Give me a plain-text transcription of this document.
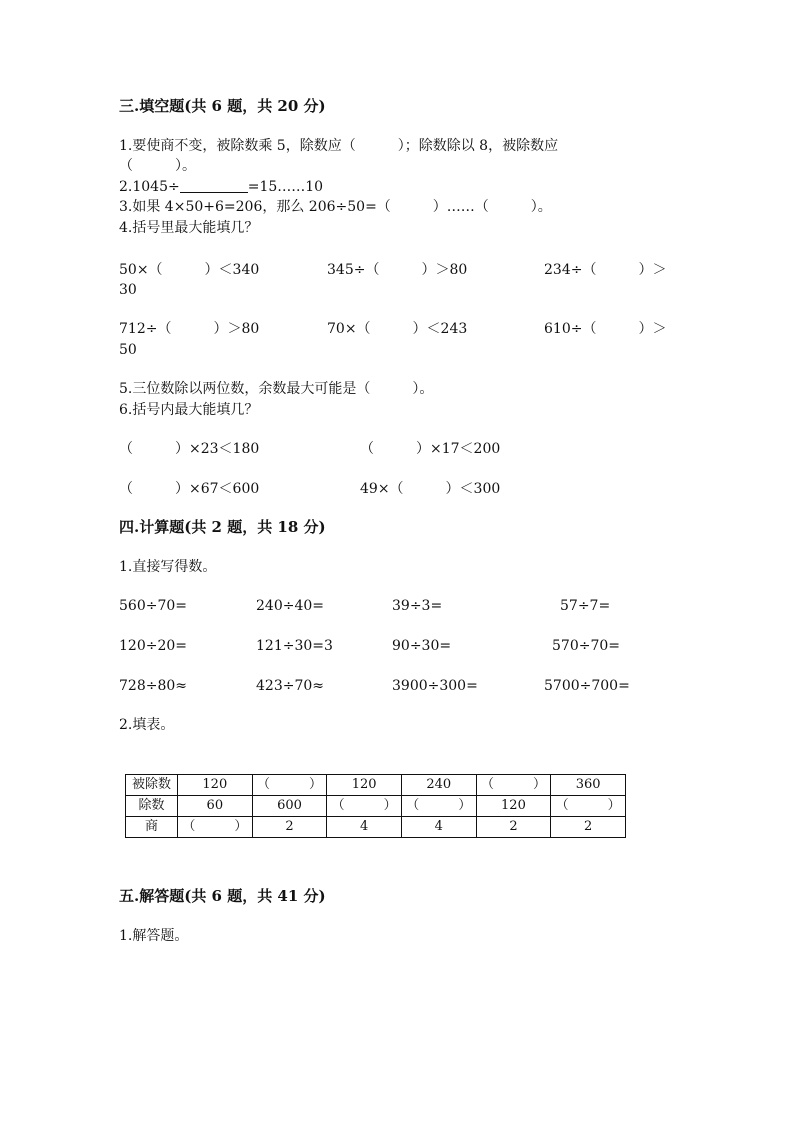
三.填空题(共 6 题，共 20 分)
1.要使商不变，被除数乘 5，除数应（　　　）；除数除以 8，被除数应
（　　　）。
2.1045÷	=15……10
3.如果 4×50+6=206，那么 206÷50=（　　　）……（　　　）。
4.括号里最大能填几？
50×（　　　）＜340	345÷（　　　）＞80	234÷（　　　）＞
30
712÷（　　　）＞80	70×（　　　）＜243	610÷（　　　）＞
50
5.三位数除以两位数，余数最大可能是（　　　）。
6.括号内最大能填几？
（　　　）×23＜180	（　　　）×17＜200
（　　　）×67＜600	49×（　　　）＜300
四.计算题(共 2 题，共 18 分)
1.直接写得数。
560÷70=	240÷40=	39÷3=	57÷7=
120÷20=	121÷30=3	90÷30=	570÷70=
728÷80≈	423÷70≈	3900÷300=	5700÷700=
2.填表。
被除数	120	（　　　）	120	240	（　　　）	360
除数	60	600	（　　　）	（　　　）	120	（　　　）
商	（　　　）	2	4	4	2	2
五.解答题(共 6 题，共 41 分)
1.解答题。
